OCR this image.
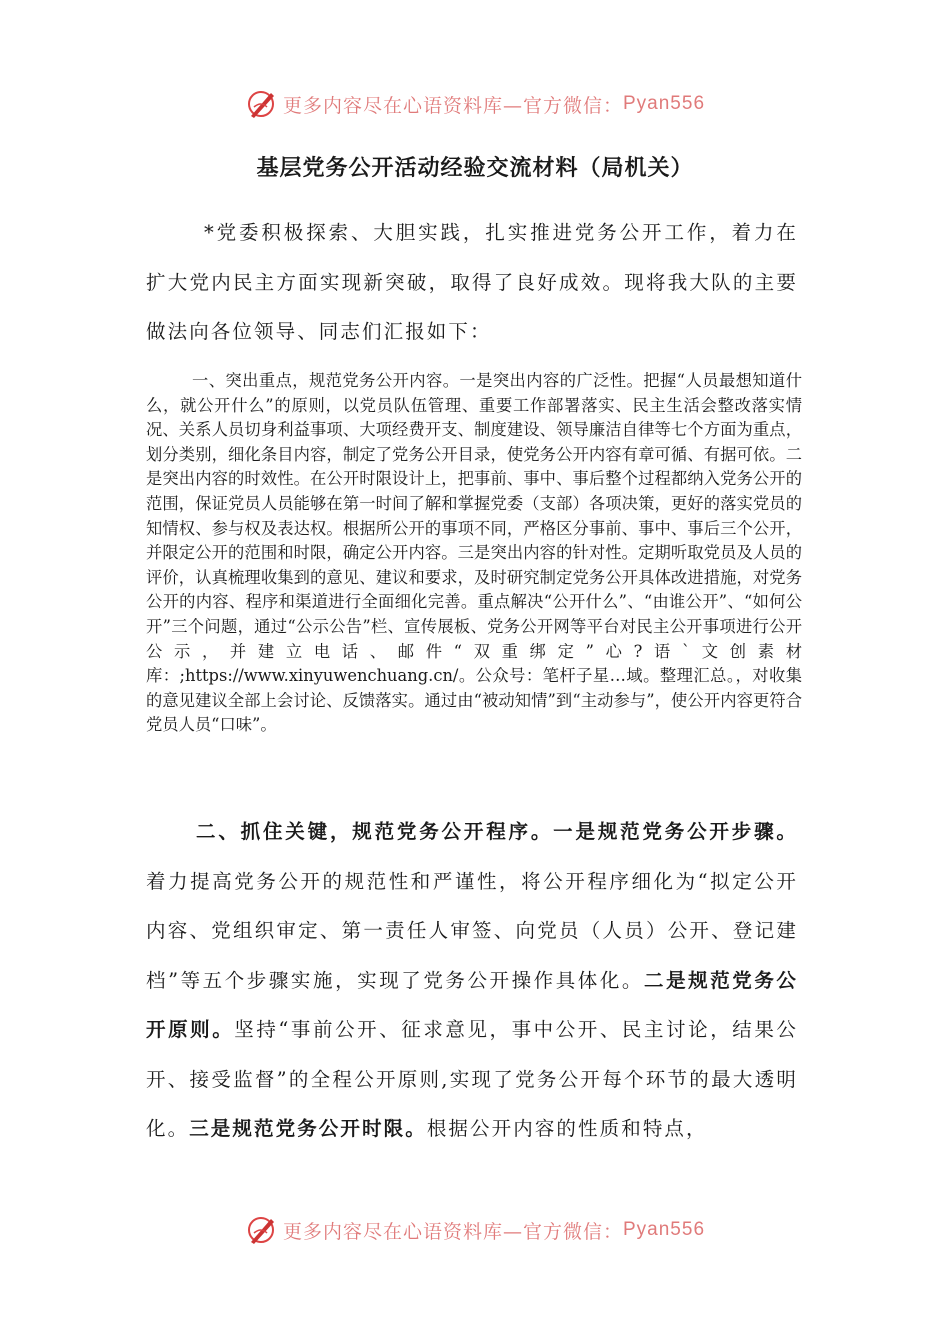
更多内容尽在心语资料库—官方微信： Pyan556
基层党务公开活动经验交流材料（局机关）

*党委积极探索、大胆实践，扎实推进党务公开工作，着力在扩大党内民主方面实现新突破，取得了良好成效。现将我大队的主要做法向各位领导、同志们汇报如下：

一、突出重点，规范党务公开内容。一是突出内容的广泛性。把握“人员最想知道什么，就公开什么”的原则，以党员队伍管理、重要工作部署落实、民主生活会整改落实情况、关系人员切身利益事项、大项经费开支、制度建设、领导廉洁自律等七个方面为重点，划分类别，细化条目内容，制定了党务公开目录，使党务公开内容有章可循、有据可依。二是突出内容的时效性。在公开时限设计上，把事前、事中、事后整个过程都纳入党务公开的范围，保证党员人员能够在第一时间了解和掌握党委（支部）各项决策，更好的落实党员的知情权、参与权及表达权。根据所公开的事项不同，严格区分事前、事中、事后三个公开，并限定公开的范围和时限，确定公开内容。三是突出内容的针对性。定期听取党员及人员的评价，认真梳理收集到的意见、建议和要求，及时研究制定党务公开具体改进措施，对党务公开的内容、程序和渠道进行全面细化完善。重点解决“公开什么”、“由谁公开”、“如何公开”三个问题，通过“公示公告”栏、宣传展板、党务公开网等平台对民主公开事项进行公开公示，并建立电话、邮件“双重绑定”心?语`文创素材库：;https://www.xinyuwenchuang.cn/。公众号：笔杆子星…域。整理汇总。，对收集的意见建议全部上会讨论、反馈落实。通过由“被动知情”到“主动参与”，使公开内容更符合党员人员“口味”。

二、抓住关键，规范党务公开程序。一是规范党务公开步骤。着力提高党务公开的规范性和严谨性，将公开程序细化为“拟定公开内容、党组织审定、第一责任人审签、向党员（人员）公开、登记建档”等五个步骤实施，实现了党务公开操作具体化。二是规范党务公开原则。坚持“事前公开、征求意见，事中公开、民主讨论，结果公开、接受监督”的全程公开原则,实现了党务公开每个环节的最大透明化。三是规范党务公开时限。根据公开内容的性质和特点，

更多内容尽在心语资料库—官方微信： Pyan556
